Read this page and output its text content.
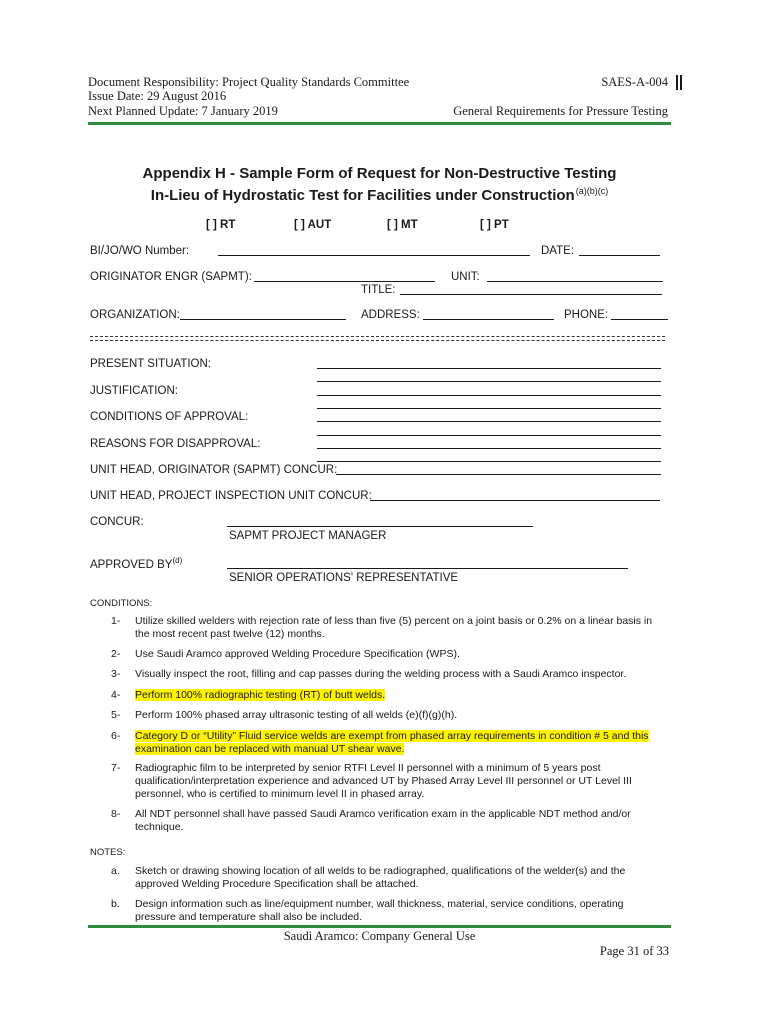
Document Responsibility: Project Quality Standards Committee	SAES-A-004
Issue Date: 29 August 2016
Next Planned Update: 7 January 2019	General Requirements for Pressure Testing
Appendix H - Sample Form of Request for Non-Destructive Testing
In-Lieu of Hydrostatic Test for Facilities under Construction$^{(a)(b)(c)}$
[ ] RT	[ ] AUT	[ ] MT	[ ] PT
BI/JO/WO Number:	DATE:
ORIGINATOR ENGR (SAPMT):	UNIT:
TITLE:
ORGANIZATION:	ADDRESS:	PHONE:
PRESENT SITUATION:
JUSTIFICATION:
CONDITIONS OF APPROVAL:
REASONS FOR DISAPPROVAL:
UNIT HEAD, ORIGINATOR (SAPMT) CONCUR:
UNIT HEAD, PROJECT INSPECTION UNIT CONCUR:
CONCUR:
SAPMT PROJECT MANAGER
APPROVED BY$^{(d)}$
SENIOR OPERATIONS' REPRESENTATIVE
CONDITIONS:
1- Utilize skilled welders with rejection rate of less than five (5) percent on a joint basis or 0.2% on a linear basis in the most recent past twelve (12) months.
2- Use Saudi Aramco approved Welding Procedure Specification (WPS).
3- Visually inspect the root, filling and cap passes during the welding process with a Saudi Aramco inspector.
4- Perform 100% radiographic testing (RT) of butt welds.
5- Perform 100% phased array ultrasonic testing of all welds (e)(f)(g)(h).
6- Category D or “Utility” Fluid service welds are exempt from phased array requirements in condition # 5 and this examination can be replaced with manual UT shear wave.
7- Radiographic film to be interpreted by senior RTFI Level II personnel with a minimum of 5 years post qualification/interpretation experience and advanced UT by Phased Array Level III personnel or UT Level III personnel, who is certified to minimum level II in phased array.
8- All NDT personnel shall have passed Saudi Aramco verification exam in the applicable NDT method and/or technique.
NOTES:
a. Sketch or drawing showing location of all welds to be radiographed, qualifications of the welder(s) and the approved Welding Procedure Specification shall be attached.
b. Design information such as line/equipment number, wall thickness, material, service conditions, operating pressure and temperature shall also be included.
Saudi Aramco: Company General Use
Page 31 of 33
